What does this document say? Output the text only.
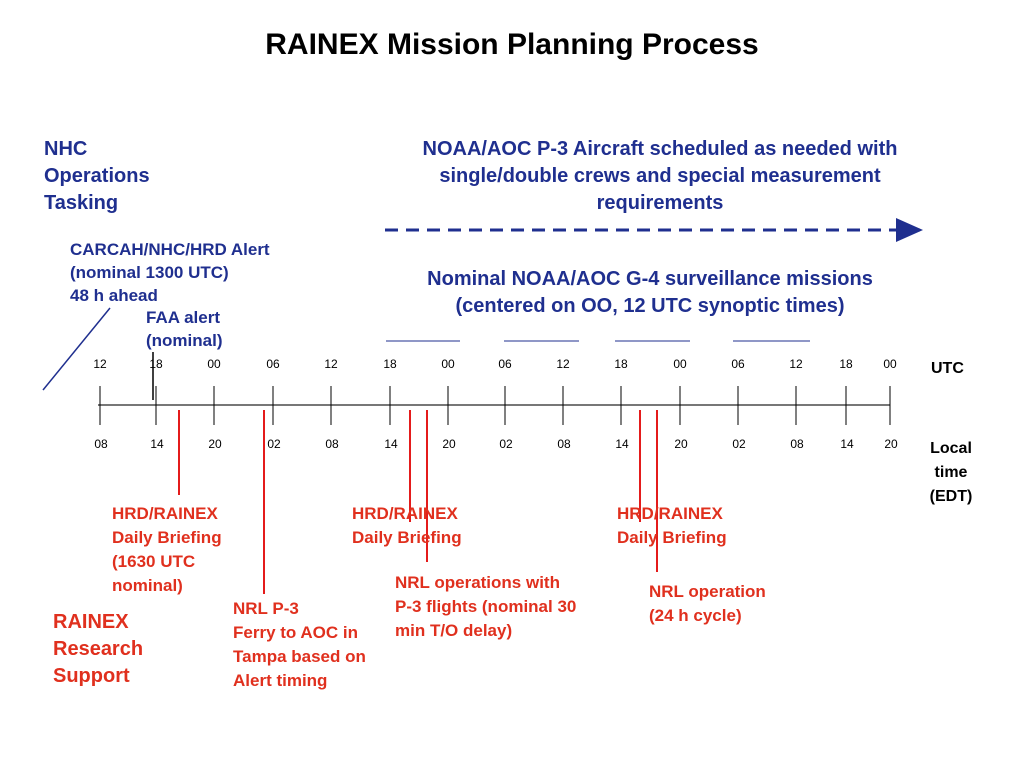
RAINEX Mission Planning Process
NHC
Operations
Tasking
NOAA/AOC P-3 Aircraft scheduled as needed with
single/double crews and special measurement
requirements
CARCAH/NHC/HRD Alert
(nominal 1300 UTC)
48 h ahead
Nominal NOAA/AOC G-4 surveillance missions
(centered on OO, 12 UTC synoptic times)
FAA alert
(nominal)
12	18	00	06	12	18	00	06	12	18	00	06	12	18	00
08	14	20	02	08	14	20	02	08	14	20	02	08	14	20
UTC
Local
time
(EDT)
HRD/RAINEX
Daily Briefing
(1630 UTC
nominal)
NRL P-3
Ferry to AOC in
Tampa based on
Alert timing
HRD/RAINEX
Daily Briefing
NRL operations with
P-3 flights (nominal 30
min T/O delay)
HRD/RAINEX
Daily Briefing
NRL operation
(24 h cycle)
RAINEX
Research
Support
